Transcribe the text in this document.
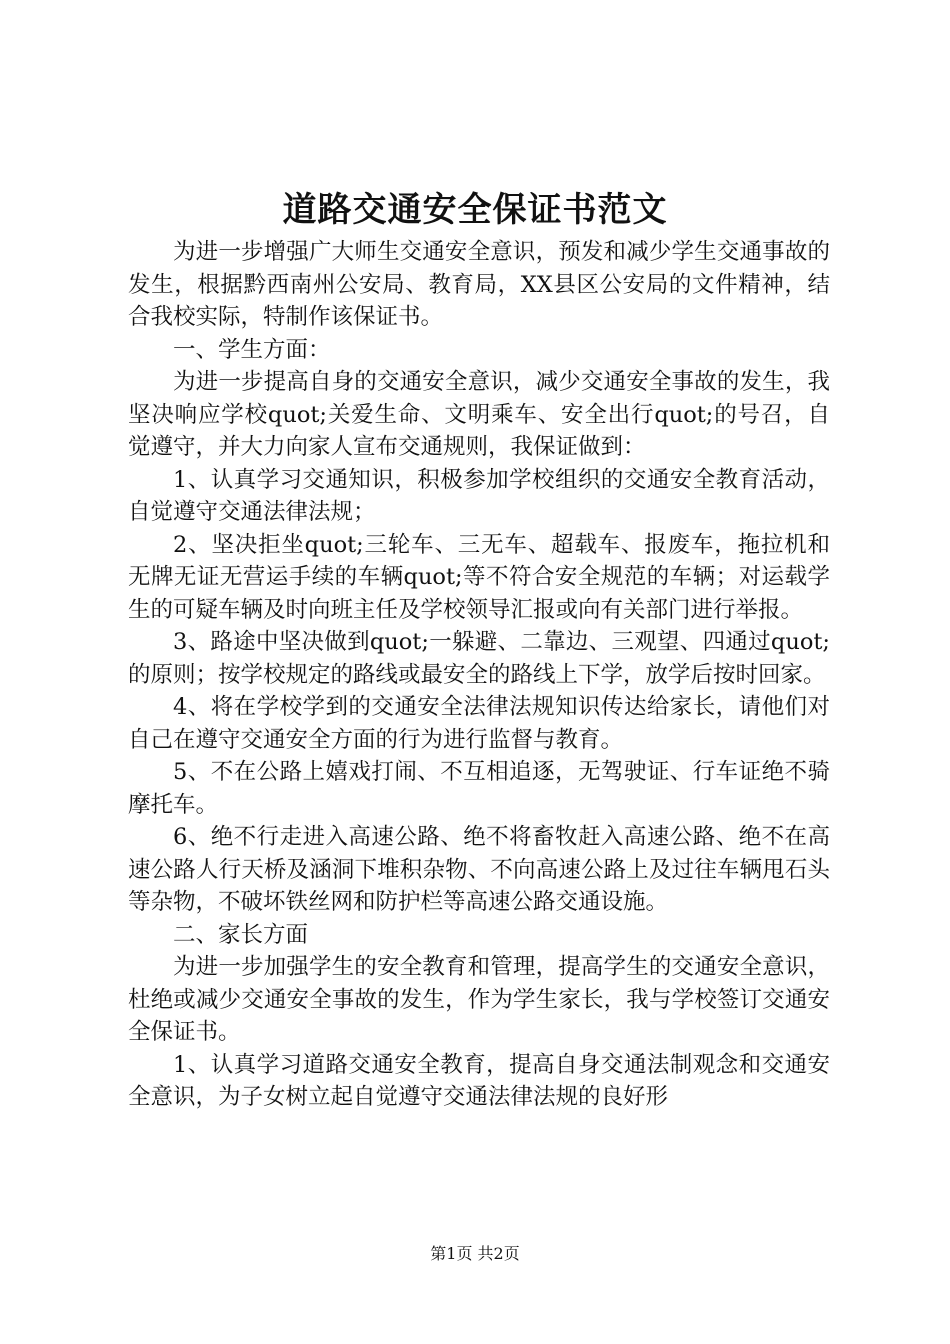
道路交通安全保证书范文

为进一步增强广大师生交通安全意识，预发和减少学生交通事故的发生，根据黔西南州公安局、教育局，XX县区公安局的文件精神，结合我校实际，特制作该保证书。

一、学生方面：

为进一步提高自身的交通安全意识，减少交通安全事故的发生，我坚决响应学校quot;关爱生命、文明乘车、安全出行quot;的号召，自觉遵守，并大力向家人宣布交通规则，我保证做到：

1、认真学习交通知识，积极参加学校组织的交通安全教育活动，自觉遵守交通法律法规；

2、坚决拒坐quot;三轮车、三无车、超载车、报废车，拖拉机和无牌无证无营运手续的车辆quot;等不符合安全规范的车辆；对运载学生的可疑车辆及时向班主任及学校领导汇报或向有关部门进行举报。

3、路途中坚决做到quot;一躲避、二靠边、三观望、四通过quot;的原则；按学校规定的路线或最安全的路线上下学，放学后按时回家。

4、将在学校学到的交通安全法律法规知识传达给家长，请他们对自己在遵守交通安全方面的行为进行监督与教育。

5、不在公路上嬉戏打闹、不互相追逐，无驾驶证、行车证绝不骑摩托车。

6、绝不行走进入高速公路、绝不将畜牧赶入高速公路、绝不在高速公路人行天桥及涵洞下堆积杂物、不向高速公路上及过往车辆甩石头等杂物，不破坏铁丝网和防护栏等高速公路交通设施。

二、家长方面

为进一步加强学生的安全教育和管理，提高学生的交通安全意识，杜绝或减少交通安全事故的发生，作为学生家长，我与学校签订交通安全保证书。

1、认真学习道路交通安全教育，提高自身交通法制观念和交通安全意识，为子女树立起自觉遵守交通法律法规的良好形

第1页 共2页
